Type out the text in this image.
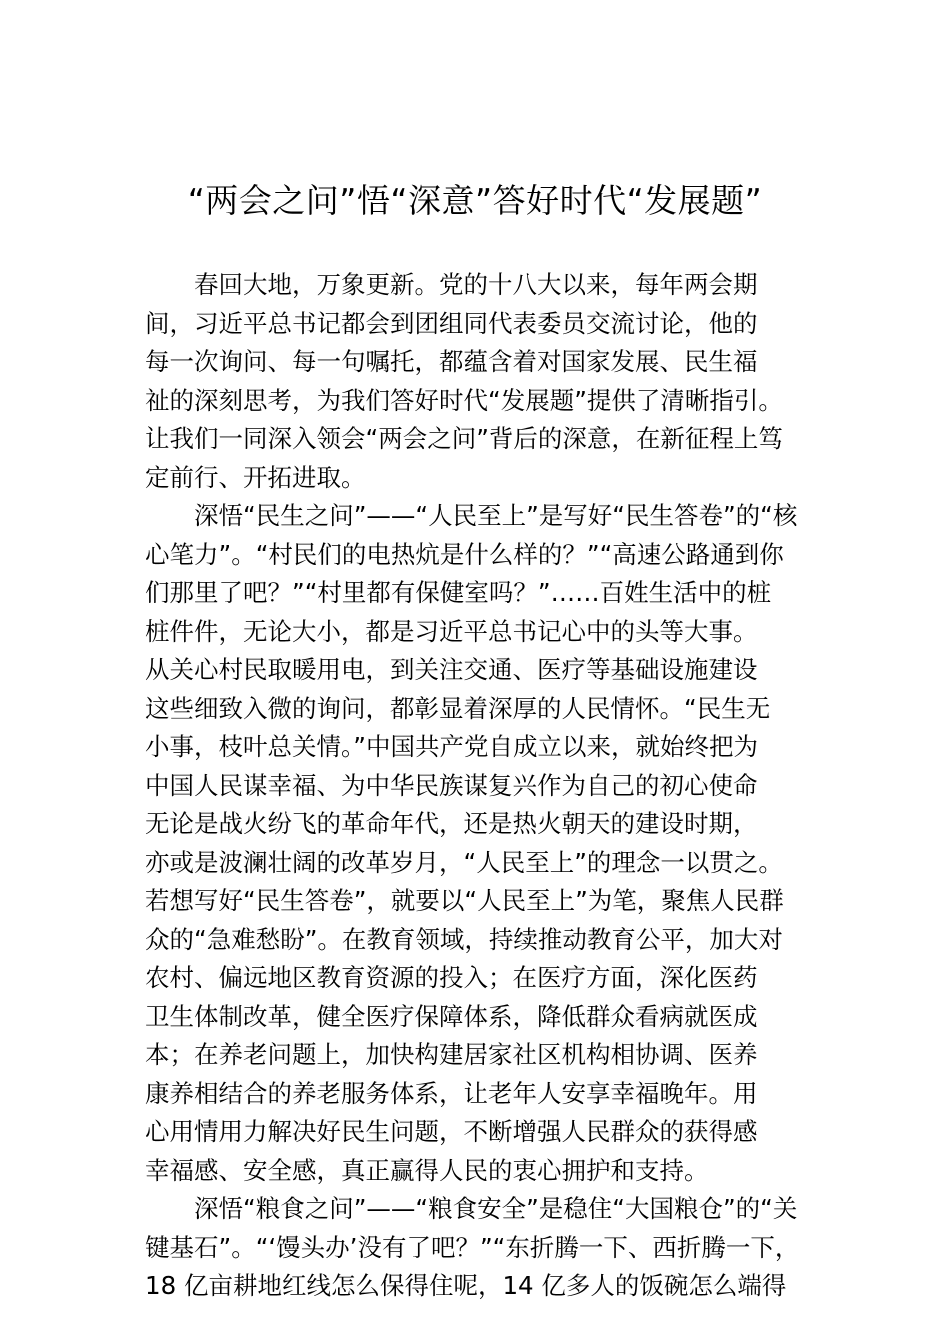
“两会之问”悟“深意”答好时代“发展题”
春回大地，万象更新。党的十八大以来，每年两会期
间，习近平总书记都会到团组同代表委员交流讨论，他的
每一次询问、每一句嘱托，都蕴含着对国家发展、民生福
祉的深刻思考，为我们答好时代“发展题”提供了清晰指引。
让我们一同深入领会“两会之问”背后的深意，在新征程上笃
定前行、开拓进取。
深悟“民生之问”——“人民至上”是写好“民生答卷”的“核
心笔力”。“村民们的电热炕是什么样的？”“高速公路通到你
们那里了吧？”“村里都有保健室吗？”……百姓生活中的桩
桩件件，无论大小，都是习近平总书记心中的头等大事。
从关心村民取暖用电，到关注交通、医疗等基础设施建设
这些细致入微的询问，都彰显着深厚的人民情怀。“民生无
小事，枝叶总关情。”中国共产党自成立以来，就始终把为
中国人民谋幸福、为中华民族谋复兴作为自己的初心使命
无论是战火纷飞的革命年代，还是热火朝天的建设时期，
亦或是波澜壮阔的改革岁月，“人民至上”的理念一以贯之。
若想写好“民生答卷”，就要以“人民至上”为笔，聚焦人民群
众的“急难愁盼”。在教育领域，持续推动教育公平，加大对
农村、偏远地区教育资源的投入；在医疗方面，深化医药
卫生体制改革，健全医疗保障体系，降低群众看病就医成
本；在养老问题上，加快构建居家社区机构相协调、医养
康养相结合的养老服务体系，让老年人安享幸福晚年。用
心用情用力解决好民生问题，不断增强人民群众的获得感
幸福感、安全感，真正赢得人民的衷心拥护和支持。
深悟“粮食之问”——“粮食安全”是稳住“大国粮仓”的“关
键基石”。“‘馒头办’没有了吧？”“东折腾一下、西折腾一下，
18 亿亩耕地红线怎么保得住呢，14 亿多人的饭碗怎么端得
